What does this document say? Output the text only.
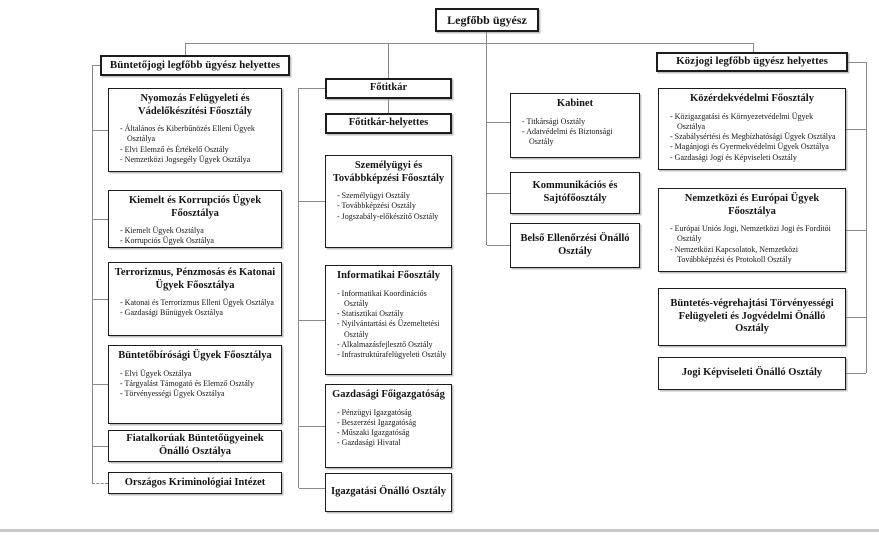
Legfőbb ügyész
Büntetőjogi legfőbb ügyész helyettes
Nyomozás Felügyeleti és Vádelőkészítési Főosztály
- Általános és Kiberbűnözés Elleni Ügyek Osztálya
- Elvi Elemző és Értékelő Osztály
- Nemzetközi Jogsegély Ügyek Osztálya
Kiemelt és Korrupciós Ügyek Főosztálya
- Kiemelt Ügyek Osztálya
- Korrupciós Ügyek Osztálya
Terrorizmus, Pénzmosás és Katonai Ügyek Főosztálya
- Katonai és Terrorizmus Elleni Ügyek Osztálya
- Gazdasági Bűnügyek Osztálya
Büntetőbírósági Ügyek Főosztálya
- Elvi Ügyek Osztálya
- Tárgyalást Támogató és Elemző Osztály
- Törvényességi Ügyek Osztálya
Fiatalkorúak Büntetőügyeinek Önálló Osztálya
Országos Kriminológiai Intézet
Főtitkár
Főtitkár-helyettes
Személyügyi és Továbbképzési Főosztály
- Személyügyi Osztály
- Továbbképzési Osztály
- Jogszabály-előkészítő Osztály
Informatikai Főosztály
- Informatikai Koordinációs Osztály
- Statisztikai Osztály
- Nyilvántartási és Üzemeltetési Osztály
- Alkalmazásfejlesztő Osztály
- Infrastruktúrafelügyeleti Osztály
Gazdasági Főigazgatóság
- Pénzügyi Igazgatóság
- Beszerzési Igazgatóság
- Műszaki Igazgatóság
- Gazdasági Hivatal
Igazgatási Önálló Osztály
Kabinet
- Titkársági Osztály
- Adatvédelmi és Biztonsági Osztály
Kommunikációs és Sajtófőosztály
Belső Ellenőrzési Önálló Osztály
Közjogi legfőbb ügyész helyettes
Közérdekvédelmi Főosztály
- Közigazgatási és Környezetvédelmi Ügyek Osztálya
- Szabálysértési és Megbízhatósági Ügyek Osztálya
- Magánjogi és Gyermekvédelmi Ügyek Osztálya
- Gazdasági Jogi és Képviseleti Osztály
Nemzetközi és Európai Ügyek Főosztálya
- Európai Uniós Jogi, Nemzetközi Jogi és Fordítói Osztály
- Nemzetközi Kapcsolatok, Nemzetközi Továbbképzési és Protokoll Osztály
Büntetés-végrehajtási Törvényességi Felügyeleti és Jogvédelmi Önálló Osztály
Jogi Képviseleti Önálló Osztály
